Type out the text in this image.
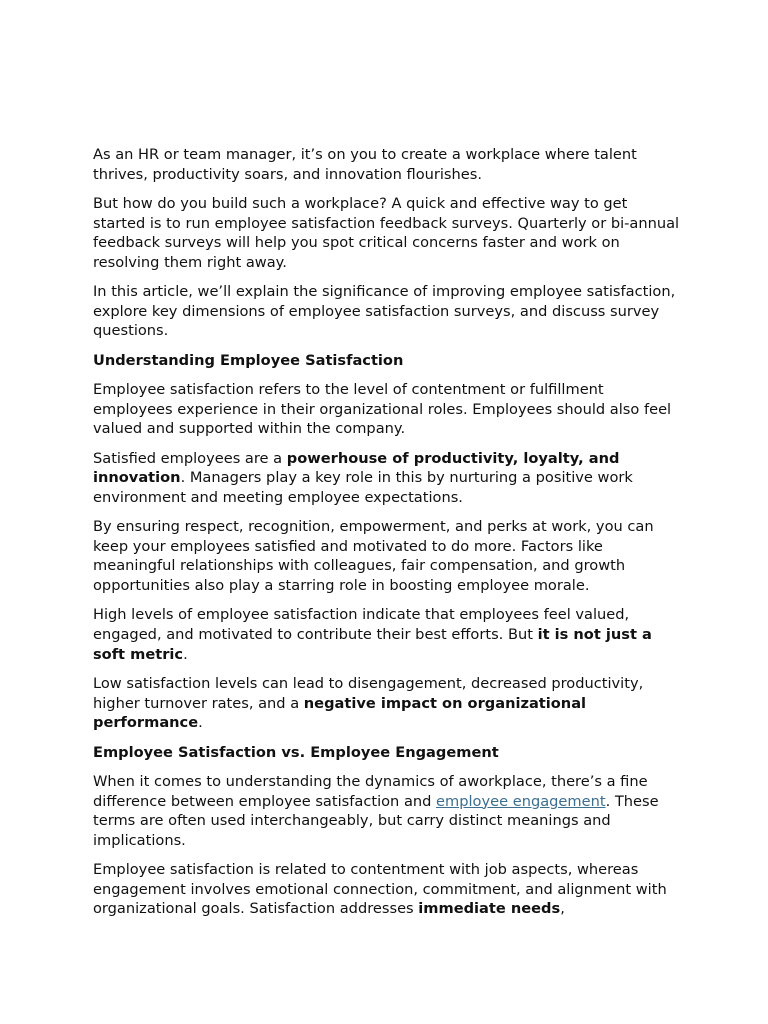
As an HR or team manager, it’s on you to create a workplace where talent thrives, productivity soars, and innovation flourishes.

But how do you build such a workplace? A quick and effective way to get started is to run employee satisfaction feedback surveys. Quarterly or bi-annual feedback surveys will help you spot critical concerns faster and work on resolving them right away.

In this article, we’ll explain the significance of improving employee satisfaction, explore key dimensions of employee satisfaction surveys, and discuss survey questions.

Understanding Employee Satisfaction

Employee satisfaction refers to the level of contentment or fulfillment employees experience in their organizational roles. Employees should also feel valued and supported within the company.

Satisfied employees are a powerhouse of productivity, loyalty, and innovation. Managers play a key role in this by nurturing a positive work environment and meeting employee expectations.

By ensuring respect, recognition, empowerment, and perks at work, you can keep your employees satisfied and motivated to do more. Factors like meaningful relationships with colleagues, fair compensation, and growth opportunities also play a starring role in boosting employee morale.

High levels of employee satisfaction indicate that employees feel valued, engaged, and motivated to contribute their best efforts. But it is not just a soft metric.

Low satisfaction levels can lead to disengagement, decreased productivity, higher turnover rates, and a negative impact on organizational performance.

Employee Satisfaction vs. Employee Engagement

When it comes to understanding the dynamics of aworkplace, there’s a fine difference between employee satisfaction and employee engagement. These terms are often used interchangeably, but carry distinct meanings and implications.

Employee satisfaction is related to contentment with job aspects, whereas engagement involves emotional connection, commitment, and alignment with organizational goals. Satisfaction addresses immediate needs,
